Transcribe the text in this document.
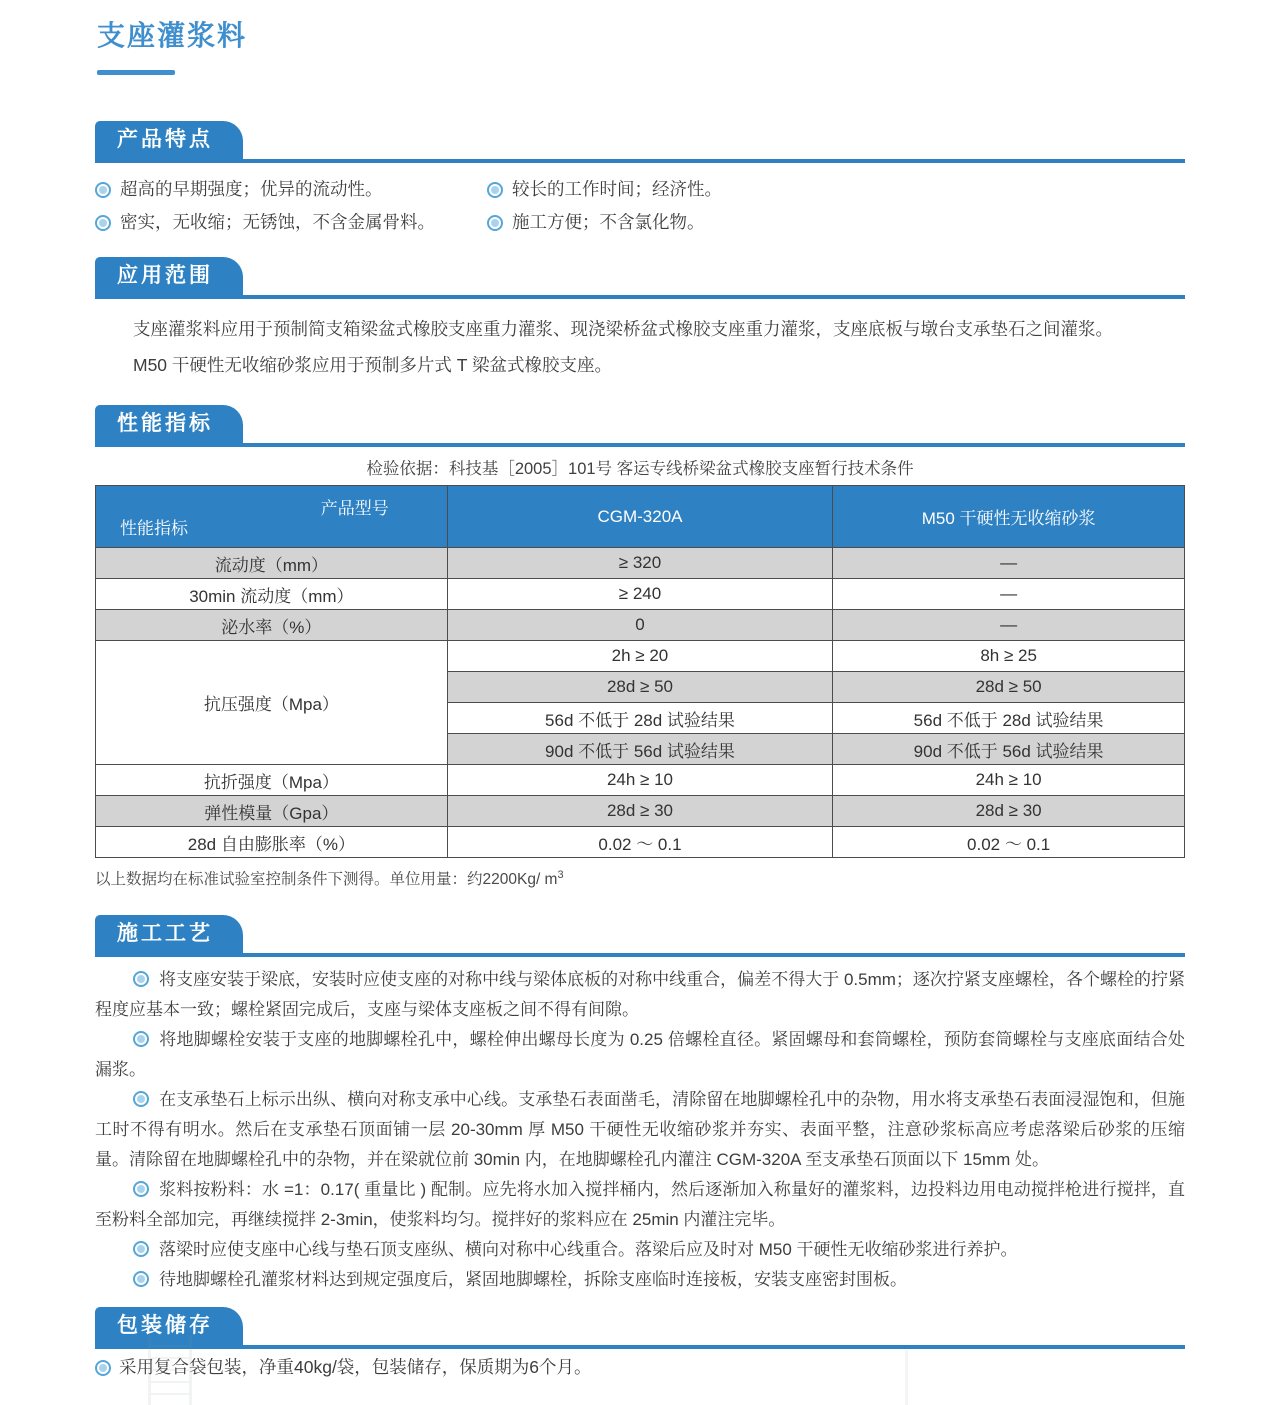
支座灌浆料
产品特点
超高的早期强度；优异的流动性。	较长的工作时间；经济性。
密实，无收缩；无锈蚀，不含金属骨料。	施工方便；不含氯化物。
应用范围

支座灌浆料应用于预制简支箱梁盆式橡胶支座重力灌浆、现浇梁桥盆式橡胶支座重力灌浆，支座底板与墩台支承垫石之间灌浆。
M50 干硬性无收缩砂浆应用于预制多片式 T 梁盆式橡胶支座。

性能指标
检验依据：科技基［2005］101号 客运专线桥梁盆式橡胶支座暂行技术条件
产品型号
性能指标	CGM-320A	M50 干硬性无收缩砂浆
流动度（mm）	≥ 320	—
30min 流动度（mm）	≥ 240	—
泌水率（%）	0	—
抗压强度（Mpa）	2h ≥ 20	8h ≥ 25
	28d ≥ 50	28d ≥ 50
	56d 不低于 28d 试验结果	56d 不低于 28d 试验结果
	90d 不低于 56d 试验结果	90d 不低于 56d 试验结果
抗折强度（Mpa）	24h ≥ 10	24h ≥ 10
弹性模量（Gpa）	28d ≥ 30	28d ≥ 30
28d 自由膨胀率（%）	0.02 ～ 0.1	0.02 ～ 0.1
以上数据均在标准试验室控制条件下测得。单位用量：约2200Kg/ $m^3$
施工工艺

将支座安装于梁底，安装时应使支座的对称中线与梁体底板的对称中线重合，偏差不得大于 0.5mm；逐次拧紧支座螺栓，各个螺栓的拧紧程度应基本一致；螺栓紧固完成后，支座与梁体支座板之间不得有间隙。

将地脚螺栓安装于支座的地脚螺栓孔中，螺栓伸出螺母长度为 0.25 倍螺栓直径。紧固螺母和套筒螺栓，预防套筒螺栓与支座底面结合处漏浆。

在支承垫石上标示出纵、横向对称支承中心线。支承垫石表面凿毛，清除留在地脚螺栓孔中的杂物，用水将支承垫石表面浸湿饱和，但施工时不得有明水。然后在支承垫石顶面铺一层 20-30mm 厚 M50 干硬性无收缩砂浆并夯实、表面平整，注意砂浆标高应考虑落梁后砂浆的压缩量。清除留在地脚螺栓孔中的杂物，并在梁就位前 30min 内，在地脚螺栓孔内灌注 CGM-320A 至支承垫石顶面以下 15mm 处。

浆料按粉料：水 =1：0.17( 重量比 ) 配制。应先将水加入搅拌桶内，然后逐渐加入称量好的灌浆料，边投料边用电动搅拌枪进行搅拌，直至粉料全部加完，再继续搅拌 2-3min，使浆料均匀。搅拌好的浆料应在 25min 内灌注完毕。

落梁时应使支座中心线与垫石顶支座纵、横向对称中心线重合。落梁后应及时对 M50 干硬性无收缩砂浆进行养护。

待地脚螺栓孔灌浆材料达到规定强度后，紧固地脚螺栓，拆除支座临时连接板，安装支座密封围板。

包装储存

采用复合袋包装，净重40kg/袋，包装储存，保质期为6个月。
